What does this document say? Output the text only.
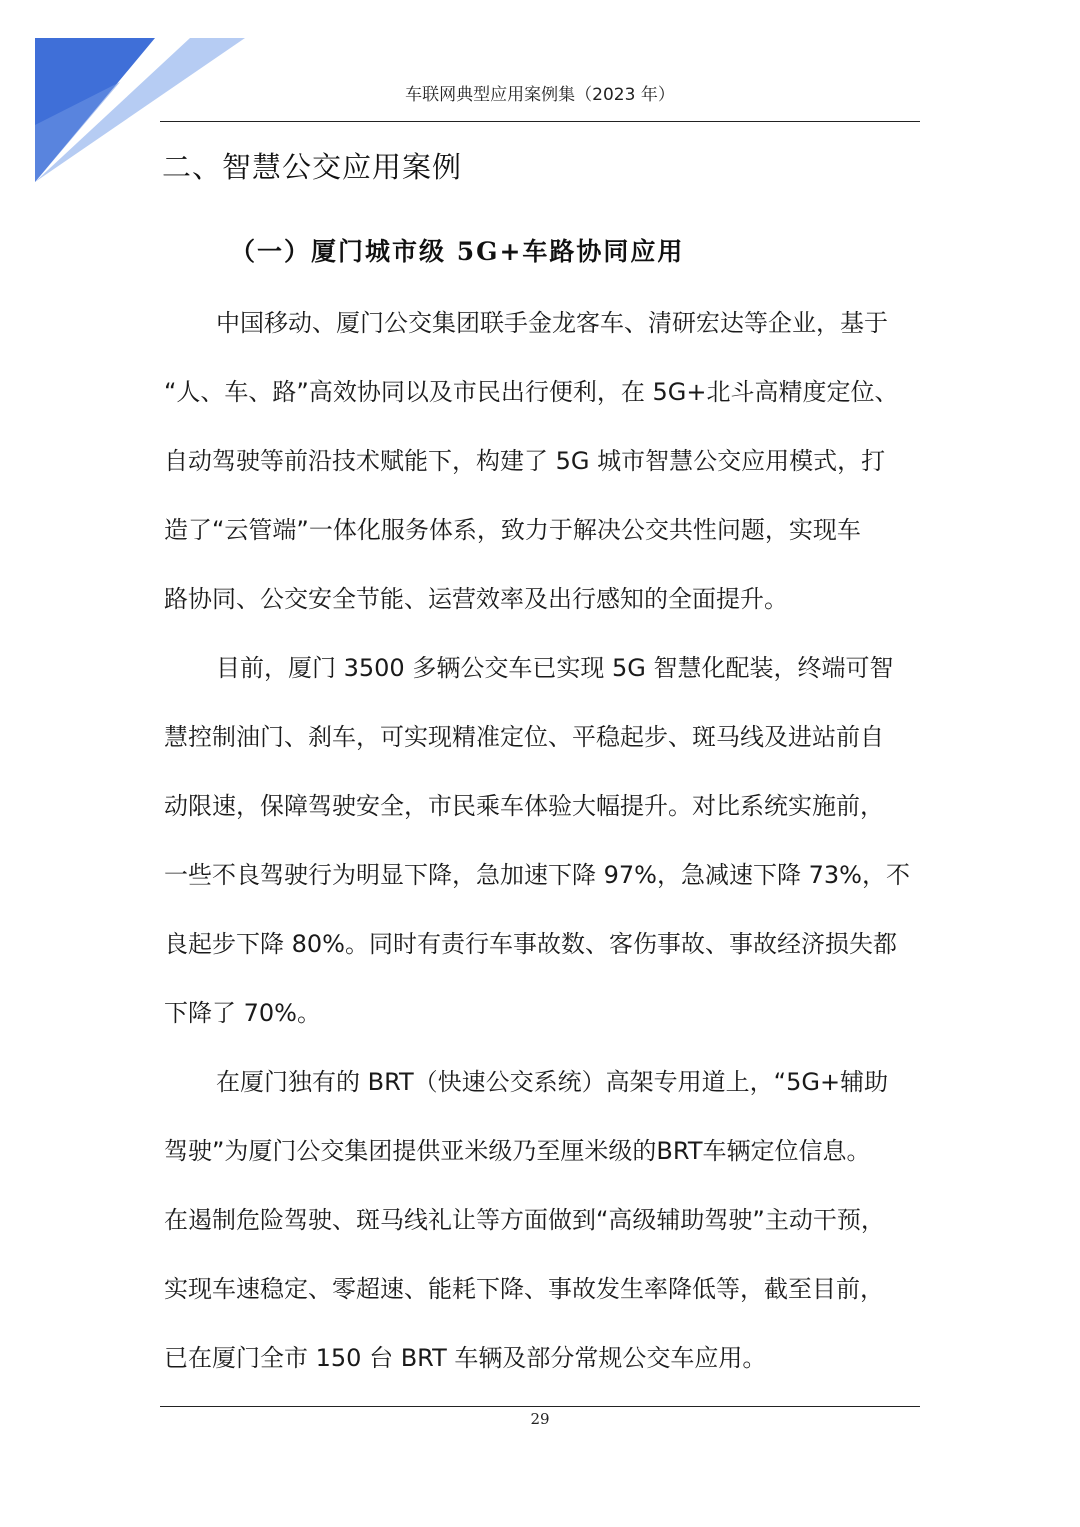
车联网典型应用案例集（2023 年）
二、智慧公交应用案例
（一）厦门城市级 5G+车路协同应用
中国移动、厦门公交集团联手金龙客车、清研宏达等企业，基于
“人、车、路”高效协同以及市民出行便利，在 5G+北斗高精度定位、
自动驾驶等前沿技术赋能下，构建了 5G 城市智慧公交应用模式，打
造了“云管端”一体化服务体系，致力于解决公交共性问题，实现车
路协同、公交安全节能、运营效率及出行感知的全面提升。
目前，厦门 3500 多辆公交车已实现 5G 智慧化配装，终端可智
慧控制油门、刹车，可实现精准定位、平稳起步、斑马线及进站前自
动限速，保障驾驶安全，市民乘车体验大幅提升。对比系统实施前，
一些不良驾驶行为明显下降，急加速下降 97%，急减速下降 73%，不
良起步下降 80%。同时有责行车事故数、客伤事故、事故经济损失都
下降了 70%。
在厦门独有的 BRT（快速公交系统）高架专用道上，“5G+辅助
驾驶”为厦门公交集团提供亚米级乃至厘米级的BRT车辆定位信息。
在遏制危险驾驶、斑马线礼让等方面做到“高级辅助驾驶”主动干预，
实现车速稳定、零超速、能耗下降、事故发生率降低等，截至目前，
已在厦门全市 150 台 BRT 车辆及部分常规公交车应用。
29
